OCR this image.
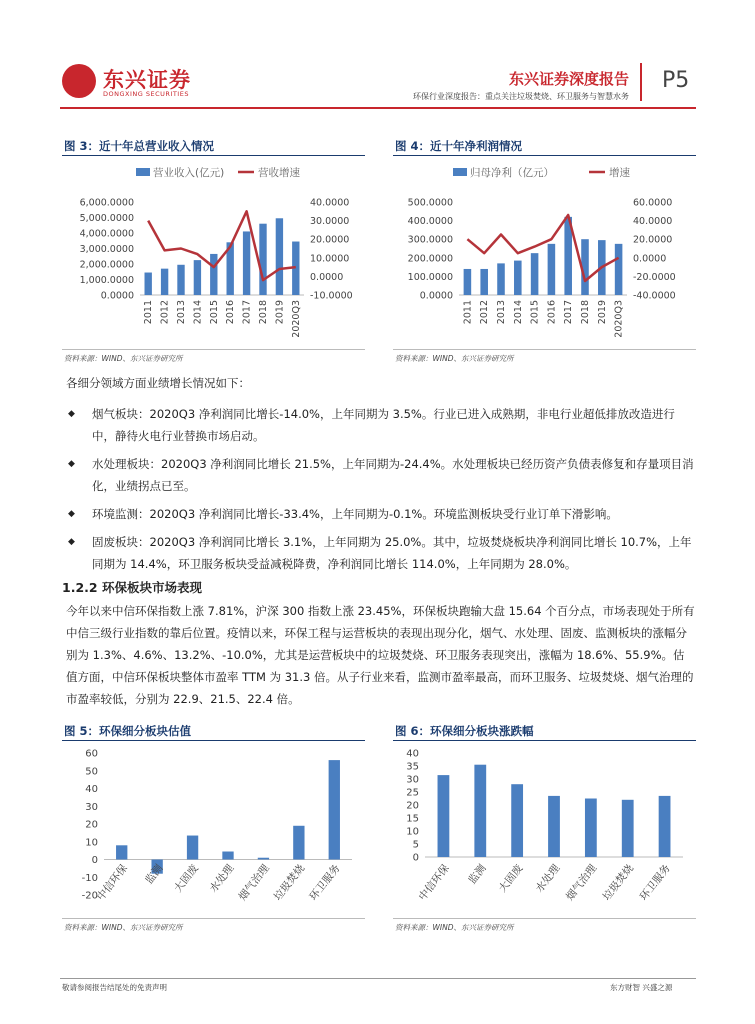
东兴证券
DONGXING SECURITIES
东兴证券深度报告
环保行业深度报告：重点关注垃圾焚烧、环卫服务与智慧水务
P5
图 3：近十年总营业收入情况	图 4：近十年净利润情况
营业收入(亿元)	营收增速
6,000.0000
5,000.0000
4,000.0000
3,000.0000
2,000.0000
1,000.0000
0.0000
40.0000
30.0000
20.0000
10.0000
0.0000
-10.0000
2011 2012 2013 2014 2015 2016 2017 2018 2019 2020Q3
归母净利（亿元）	增速
500.0000
400.0000
300.0000
200.0000
100.0000
0.0000
60.0000
40.0000
20.0000
0.0000
-20.0000
-40.0000
2011 2012 2013 2014 2015 2016 2017 2018 2019 2020Q3
资料来源：WIND、东兴证券研究所	资料来源：WIND、东兴证券研究所
各细分领域方面业绩增长情况如下：
◆ 烟气板块：2020Q3 净利润同比增长-14.0%，上年同期为 3.5%。行业已进入成熟期，非电行业超低排放改造进行中，静待火电行业替换市场启动。
◆ 水处理板块：2020Q3 净利润同比增长 21.5%，上年同期为-24.4%。水处理板块已经历资产负债表修复和存量项目消化，业绩拐点已至。
◆ 环境监测：2020Q3 净利润同比增长-33.4%，上年同期为-0.1%。环境监测板块受行业订单下滑影响。
◆ 固废板块：2020Q3 净利润同比增长 3.1%，上年同期为 25.0%。其中，垃圾焚烧板块净利润同比增长 10.7%，上年同期为 14.4%，环卫服务板块受益减税降费，净利润同比增长 114.0%，上年同期为 28.0%。
1.2.2 环保板块市场表现
今年以来中信环保指数上涨 7.81%，沪深 300 指数上涨 23.45%，环保板块跑输大盘 15.64 个百分点，市场表现处于所有中信三级行业指数的靠后位置。疫情以来，环保工程与运营板块的表现出现分化，烟气、水处理、固废、监测板块的涨幅分别为 1.3%、4.6%、13.2%、-10.0%，尤其是运营板块中的垃圾焚烧、环卫服务表现突出，涨幅为 18.6%、55.9%。估值方面，中信环保板块整体市盈率 TTM 为 31.3 倍。从子行业来看，监测市盈率最高，而环卫服务、垃圾焚烧、烟气治理的市盈率较低，分别为 22.9、21.5、22.4 倍。
图 5：环保细分板块估值	图 6：环保细分板块涨跌幅
60
50
40
30
20
10
0
-10
-20
中信环保 监测 大固废 水处理 烟气治理 垃圾焚烧 环卫服务
40
35
30
25
20
15
10
5
0
中信环保 监测 大固废 水处理 烟气治理 垃圾焚烧 环卫服务
资料来源：WIND、东兴证券研究所	资料来源：WIND、东兴证券研究所
敬请参阅报告结尾处的免责声明	东方财智 兴盛之源
